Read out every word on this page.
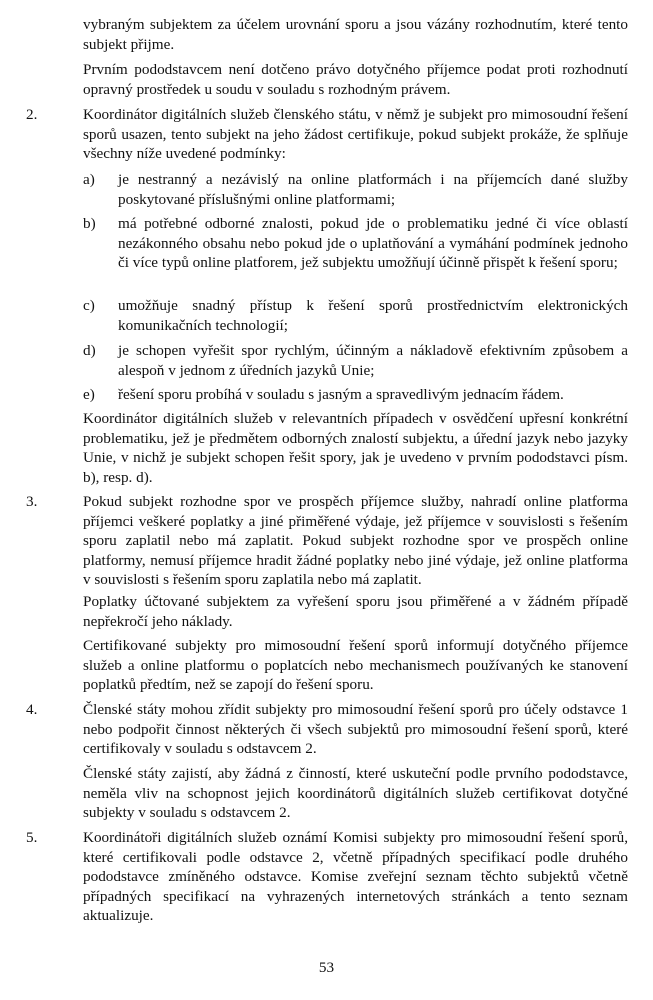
vybraným subjektem za účelem urovnání sporu a jsou vázány rozhodnutím, které tento subjekt přijme.

Prvním pododstavcem není dotčeno právo dotyčného příjemce podat proti rozhodnutí opravný prostředek u soudu v souladu s rozhodným právem.

2.	Koordinátor digitálních služeb členského státu, v němž je subjekt pro mimosoudní řešení sporů usazen, tento subjekt na jeho žádost certifikuje, pokud subjekt prokáže, že splňuje všechny níže uvedené podmínky:

a) je nestranný a nezávislý na online platformách i na příjemcích dané služby poskytované příslušnými online platformami;

b) má potřebné odborné znalosti, pokud jde o problematiku jedné či více oblastí nezákonného obsahu nebo pokud jde o uplatňování a vymáhání podmínek jednoho či více typů online platforem, jež subjektu umožňují účinně přispět k řešení sporu;

c) umožňuje snadný přístup k řešení sporů prostřednictvím elektronických komunikačních technologií;

d) je schopen vyřešit spor rychlým, účinným a nákladově efektivním způsobem a alespoň v jednom z úředních jazyků Unie;

e) řešení sporu probíhá v souladu s jasným a spravedlivým jednacím řádem.

Koordinátor digitálních služeb v relevantních případech v osvědčení upřesní konkrétní problematiku, jež je předmětem odborných znalostí subjektu, a úřední jazyk nebo jazyky Unie, v nichž je subjekt schopen řešit spory, jak je uvedeno v prvním pododstavci písm. b), resp. d).

3.	Pokud subjekt rozhodne spor ve prospěch příjemce služby, nahradí online platforma příjemci veškeré poplatky a jiné přiměřené výdaje, jež příjemce v souvislosti s řešením sporu zaplatil nebo má zaplatit. Pokud subjekt rozhodne spor ve prospěch online platformy, nemusí příjemce hradit žádné poplatky nebo jiné výdaje, jež online platforma v souvislosti s řešením sporu zaplatila nebo má zaplatit.

Poplatky účtované subjektem za vyřešení sporu jsou přiměřené a v žádném případě nepřekročí jeho náklady.

Certifikované subjekty pro mimosoudní řešení sporů informují dotyčného příjemce služeb a online platformu o poplatcích nebo mechanismech používaných ke stanovení poplatků předtím, než se zapojí do řešení sporu.

4.	Členské státy mohou zřídit subjekty pro mimosoudní řešení sporů pro účely odstavce 1 nebo podpořit činnost některých či všech subjektů pro mimosoudní řešení sporů, které certifikovaly v souladu s odstavcem 2.

Členské státy zajistí, aby žádná z činností, které uskuteční podle prvního pododstavce, neměla vliv na schopnost jejich koordinátorů digitálních služeb certifikovat dotyčné subjekty v souladu s odstavcem 2.

5.	Koordinátoři digitálních služeb oznámí Komisi subjekty pro mimosoudní řešení sporů, které certifikovali podle odstavce 2, včetně případných specifikací podle druhého pododstavce zmíněného odstavce. Komise zveřejní seznam těchto subjektů včetně případných specifikací na vyhrazených internetových stránkách a tento seznam aktualizuje.

53
